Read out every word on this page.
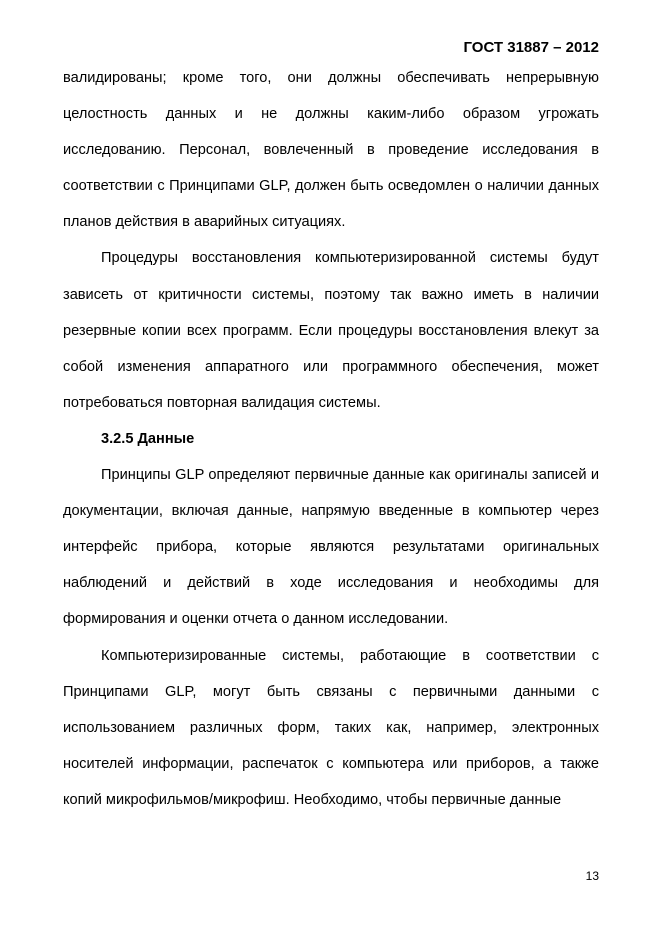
ГОСТ 31887 – 2012

валидированы; кроме того, они должны обеспечивать непрерывную целостность данных и не должны каким-либо образом угрожать исследованию. Персонал, вовлеченный в проведение исследования в соответствии с Принципами GLP, должен быть осведомлен о наличии данных планов действия в аварийных ситуациях.

Процедуры восстановления компьютеризированной системы будут зависеть от критичности системы, поэтому так важно иметь в наличии резервные копии всех программ. Если процедуры восстановления влекут за собой изменения аппаратного или программного обеспечения, может потребоваться повторная валидация системы.

3.2.5 Данные

Принципы GLP определяют первичные данные как оригиналы записей и документации, включая данные, напрямую введенные в компьютер через интерфейс прибора, которые являются результатами оригинальных наблюдений и действий в ходе исследования и необходимы для формирования и оценки отчета о данном исследовании.

Компьютеризированные системы, работающие в соответствии с Принципами GLP, могут быть связаны с первичными данными с использованием различных форм, таких как, например, электронных носителей информации, распечаток с компьютера или приборов, а также копий микрофильмов/микрофиш. Необходимо, чтобы первичные данные

13
